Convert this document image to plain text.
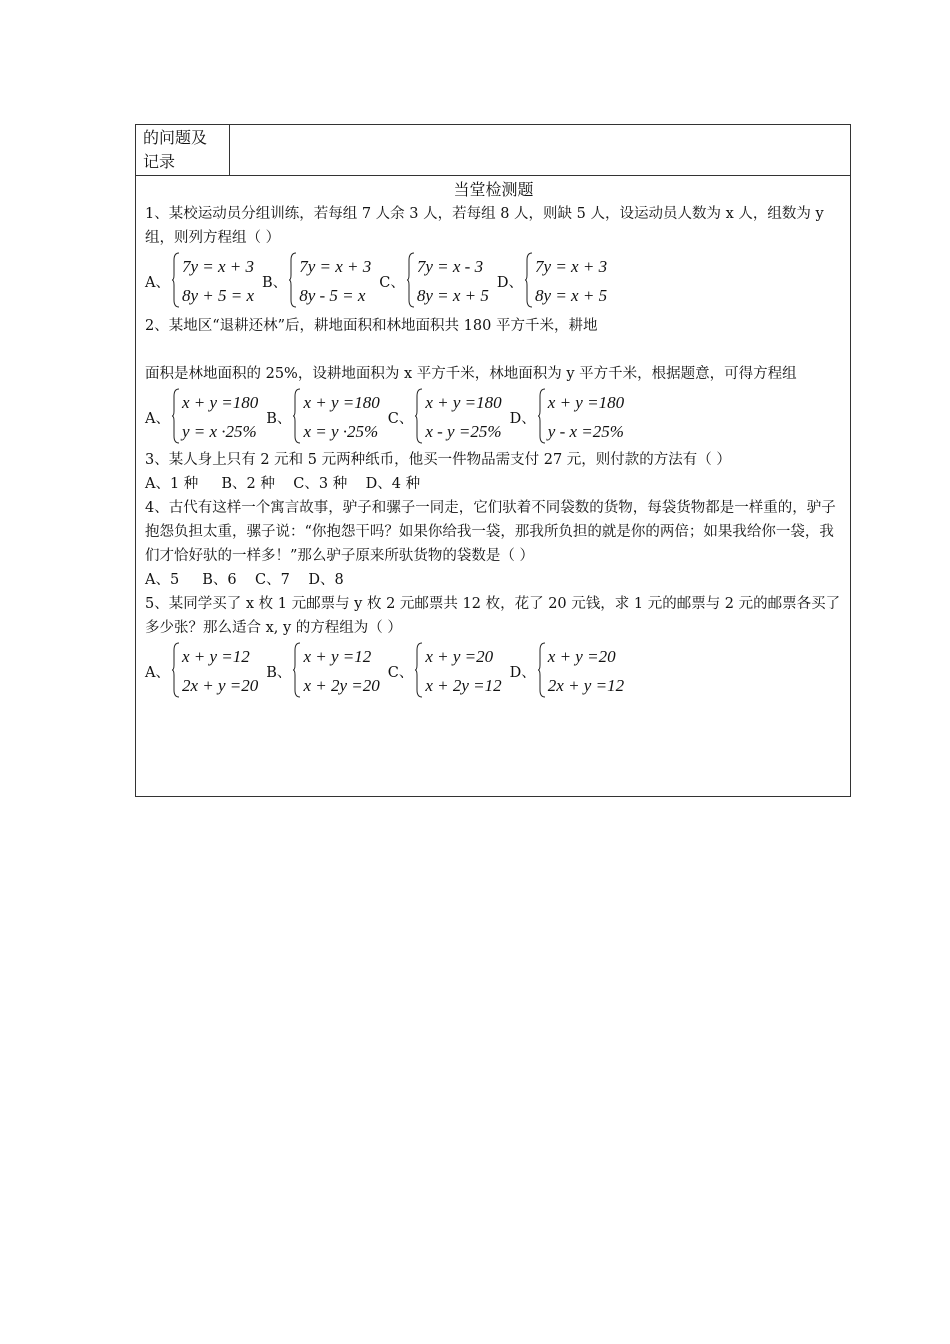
的问题及
记录
当堂检测题
1、某校运动员分组训练，若每组 7 人余 3 人，若每组 8 人，则缺 5 人，设运动员人数为 x 人，组数为 y 组，则列方程组（ ）
A、
7y = x + 3
8y + 5 = x
B、
7y = x + 3
8y - 5 = x
C、
7y = x - 3
8y = x + 5
D、
7y = x + 3
8y = x + 5
2、某地区“退耕还林”后，耕地面积和林地面积共 180 平方千米，耕地
面积是林地面积的 25%，设耕地面积为 x 平方千米，林地面积为 y 平方千米，根据题意，可得方程组
A、
x + y =180
y = x ·25%
B、
x + y =180
x = y ·25%
C、
x + y =180
x - y =25%
D、
x + y =180
y - x =25%
3、某人身上只有 2 元和 5 元两种纸币，他买一件物品需支付 27 元，则付款的方法有（ ）
A、1 种     B、2 种    C、3 种    D、4 种
4、古代有这样一个寓言故事，驴子和骡子一同走，它们驮着不同袋数的货物，每袋货物都是一样重的，驴子抱怨负担太重，骡子说：“你抱怨干吗？如果你给我一袋，那我所负担的就是你的两倍；如果我给你一袋，我们才恰好驮的一样多！”那么驴子原来所驮货物的袋数是（ ）
A、5     B、6    C、7    D、8
5、某同学买了 x 枚 1 元邮票与 y 枚 2 元邮票共 12 枚，花了 20 元钱，求 1 元的邮票与 2 元的邮票各买了多少张？那么适合 x, y 的方程组为（ ）
A、
x + y =12
2x + y =20
B、
x + y =12
x + 2y =20
C、
x + y =20
x + 2y =12
D、
x + y =20
2x + y =12
